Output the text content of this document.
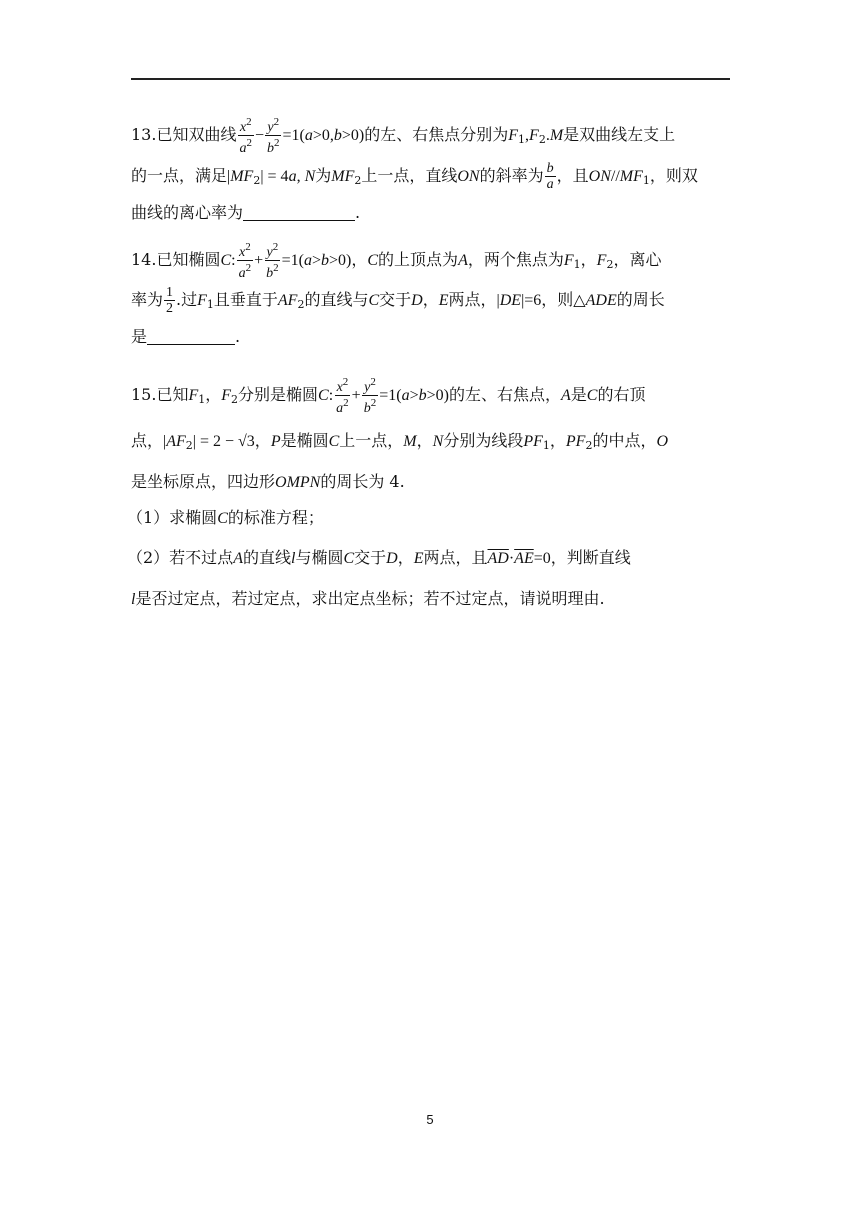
13.已知双曲线 $\frac{x^2}{a^2} - \frac{y^2}{b^2} =1(a>0,b>0)$的左、右焦点分别为$F_1,F_2.M$是双曲线左支上
的一点，满足$|MF_2| = 4a$, N为$MF_2$上一点，直线ON的斜率为 $\frac{b}{a}$ ，且$ON//MF_1$，则双
曲线的离心率为	.
14.已知椭圆C: $\frac{x^2}{a^2} + \frac{y^2}{b^2} =1(a>b>0)$，C的上顶点为A，两个焦点为$F_1$，$F_2$，离心
率为 $\frac{1}{2}$ .过$F_1$且垂直于$AF_2$的直线与C交于D，E两点，|DE|=6，则△ADE的周长
是	.
15.已知$F_1$，$F_2$分别是椭圆C: $\frac{x^2}{a^2} + \frac{y^2}{b^2} =1(a>b>0)$的左、右焦点，A是C的右顶
点，$|AF_2| = 2 - √3$，P是椭圆C上一点，M，N分别为线段$PF_1$，$PF_2$的中点，O
是坐标原点，四边形OMPN的周长为 4.
（1）求椭圆C的标准方程；
（2）若不过点A的直线l与椭圆C交于D，E两点，且$\overline{AD}\cdot\overline{AE}=0$，判断直线
l是否过定点，若过定点，求出定点坐标；若不过定点，请说明理由.
5
